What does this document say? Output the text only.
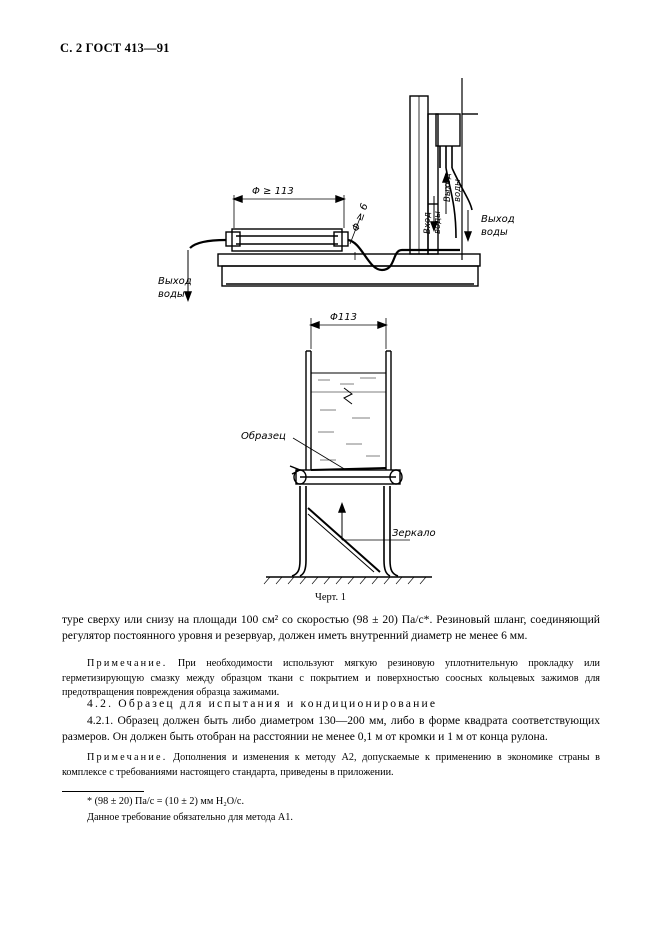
С. 2 ГОСТ 413—91
Φ ≥ 113
Φ ≥ 6
Выход
воды
Выход
воды
Вход воды
Выход воды
Φ113
Образец
Зеркало
Черт. 1
туре сверху или снизу на площади 100 см² со скоростью (98 ± 20) Па/с*. Резиновый шланг, соединяющий регулятор постоянного уровня и резервуар, должен иметь внутренний диаметр не менее 6 мм.
Примечание. При необходимости используют мягкую резиновую уплотнительную прокладку или герметизирующую смазку между образцом ткани с покрытием и поверхностью соосных кольцевых зажимов для предотвращения повреждения образца зажимами.
4.2. Образец для испытания и кондиционирование
4.2.1. Образец должен быть либо диаметром 130—200 мм, либо в форме квадрата соответствующих размеров. Он должен быть отобран на расстоянии не менее 0,1 м от кромки и 1 м от конца рулона.
Примечание. Дополнения и изменения к методу А2, допускаемые к применению в экономике страны в комплексе с требованиями настоящего стандарта, приведены в приложении.
* (98 ± 20) Па/с = (10 ± 2) мм H₂O/с.
Данное требование обязательно для метода А1.
